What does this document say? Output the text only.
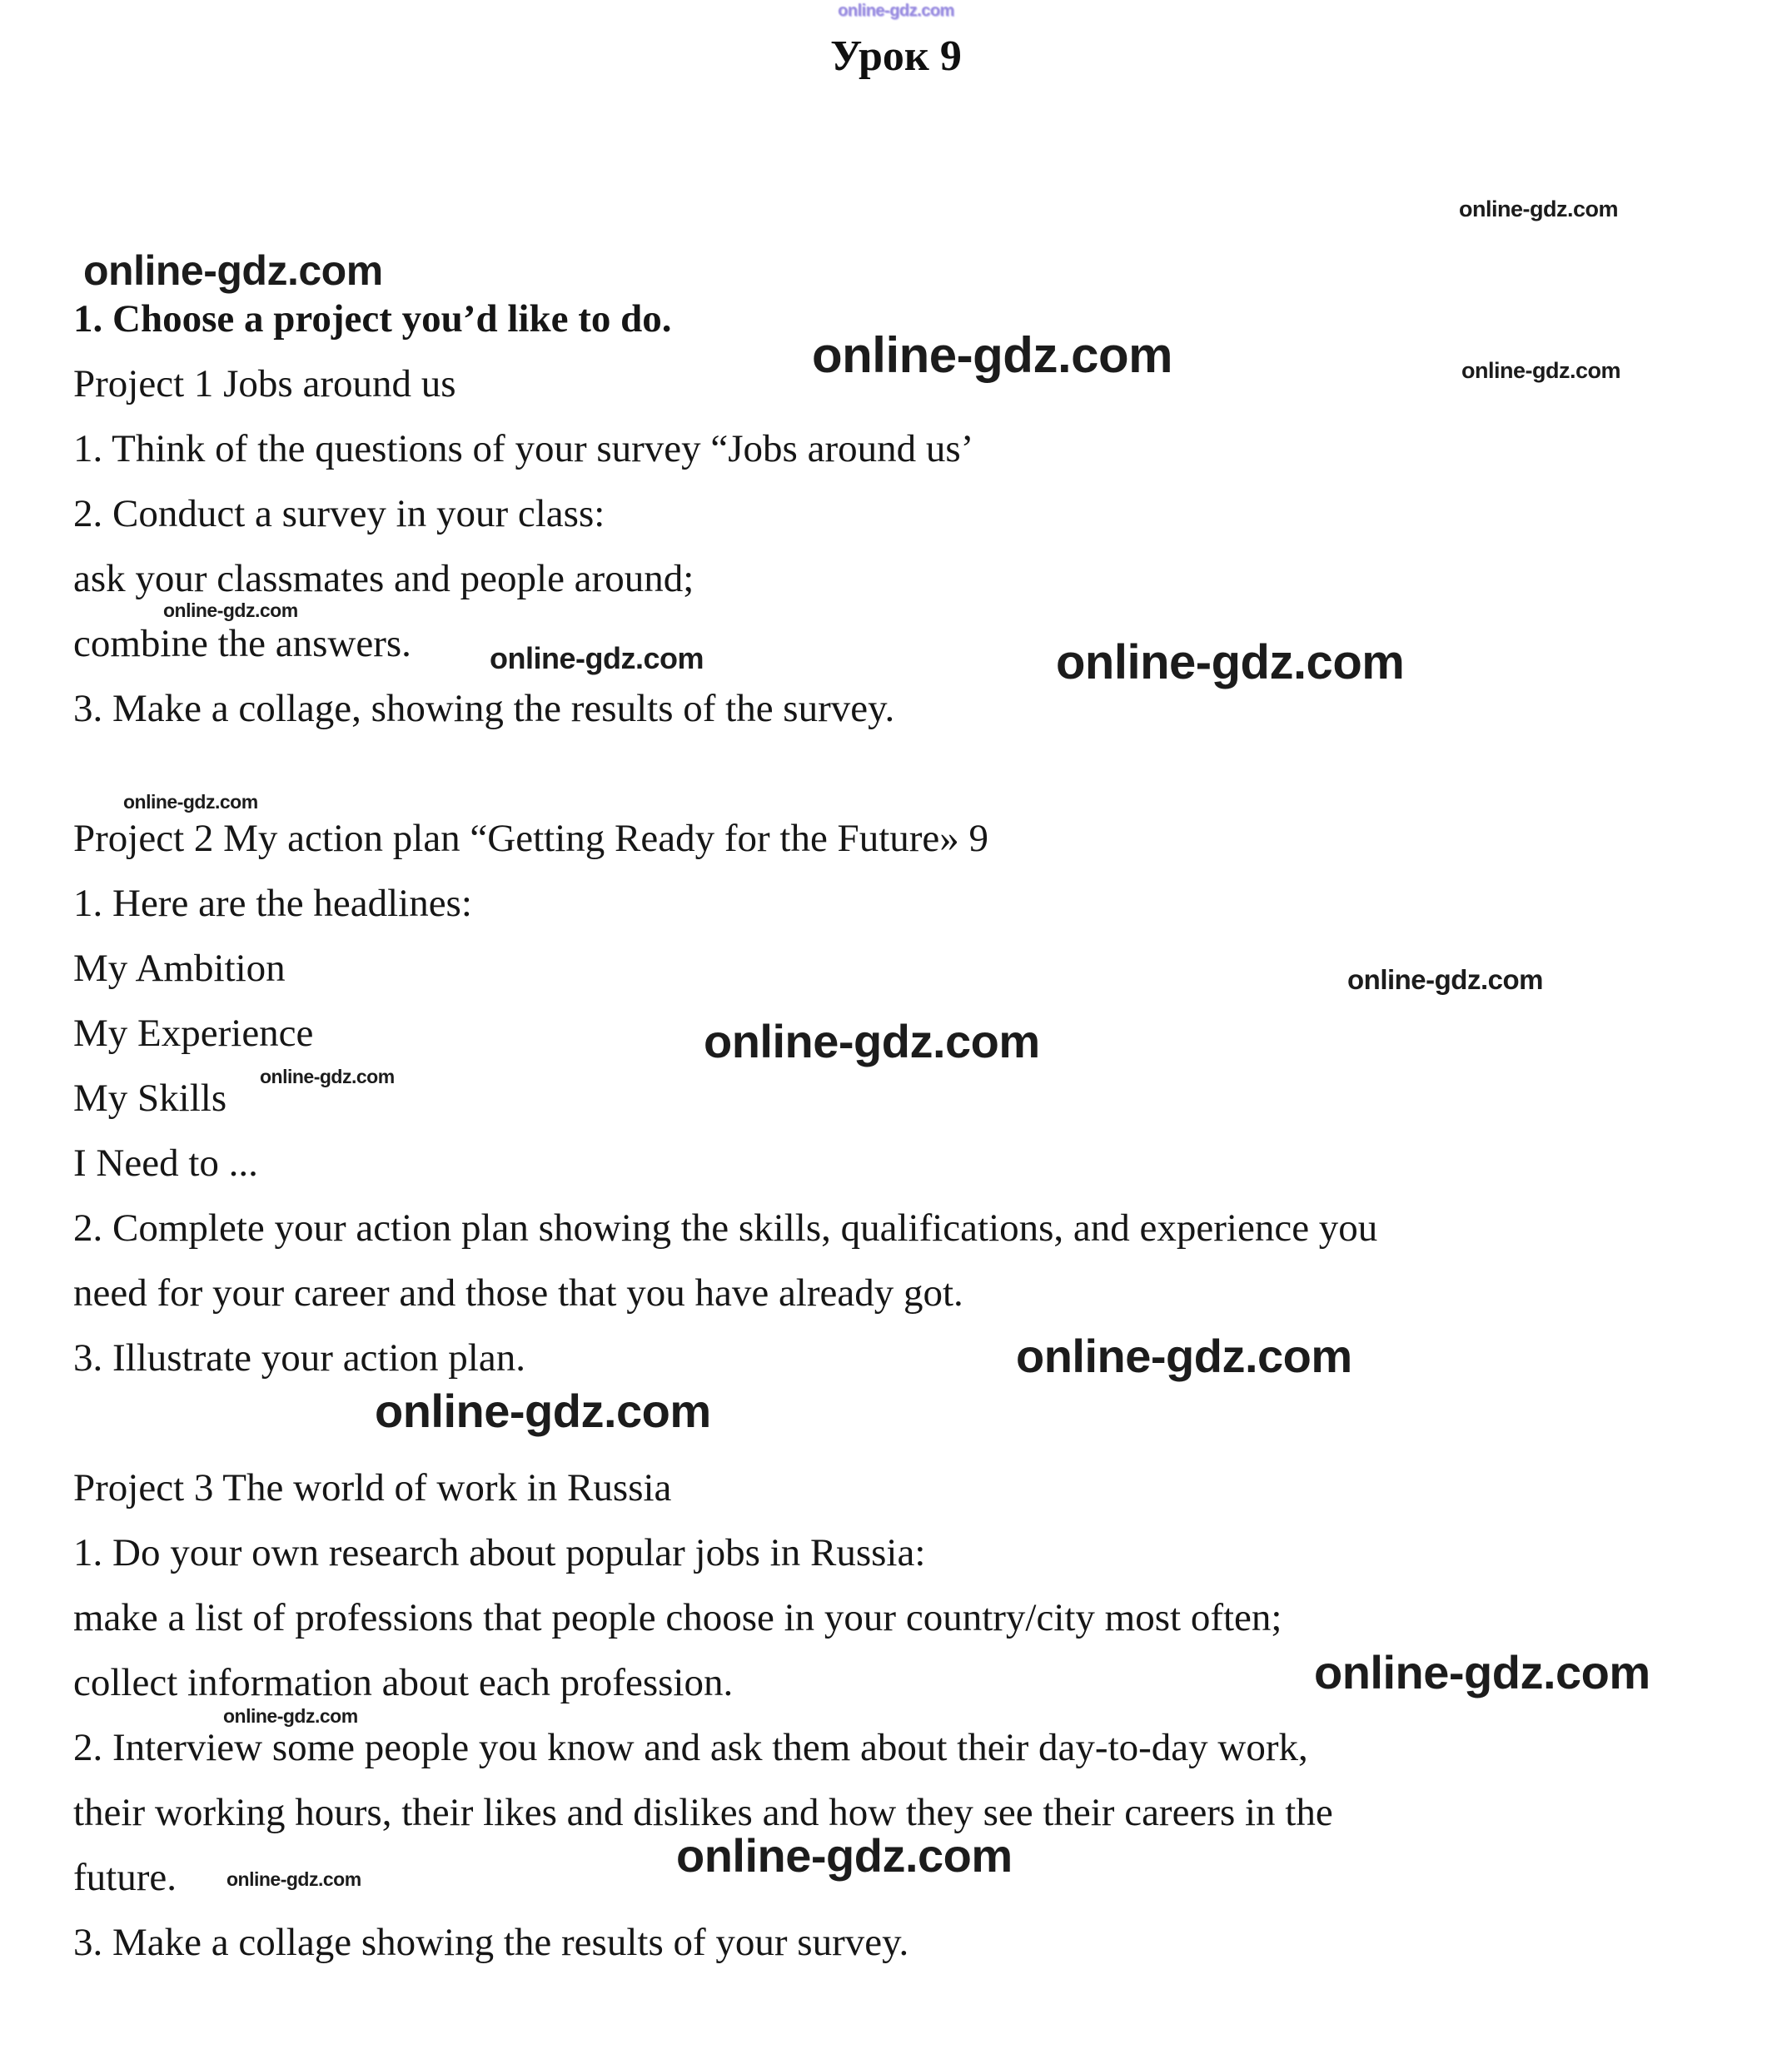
online-gdz.com
Урок 9
online-gdz.com
online-gdz.com
online-gdz.com	online-gdz.com
online-gdz.com
online-gdz.com	online-gdz.com
online-gdz.com
online-gdz.com
online-gdz.com
online-gdz.com
online-gdz.com
online-gdz.com
online-gdz.com
online-gdz.com
online-gdz.com
online-gdz.com
1. Choose a project you’d like to do.
Project 1 Jobs around us
1. Think of the questions of your survey “Jobs around us’
2. Conduct a survey in your class:
ask your classmates and people around;
combine the answers.
3. Make a collage, showing the results of the survey.
Project 2 My action plan “Getting Ready for the Future» 9
1. Here are the headlines:
My Ambition
My Experience
My Skills
I Need to ...
2. Complete your action plan showing the skills, qualifications, and experience you
need for your career and those that you have already got.
3. Illustrate your action plan.
Project 3 The world of work in Russia
1. Do your own research about popular jobs in Russia:
make a list of professions that people choose in your country/city most often;
collect information about each profession.
2. Interview some people you know and ask them about their day-to-day work,
their working hours, their likes and dislikes and how they see their careers in the
future.
3. Make a collage showing the results of your survey.
